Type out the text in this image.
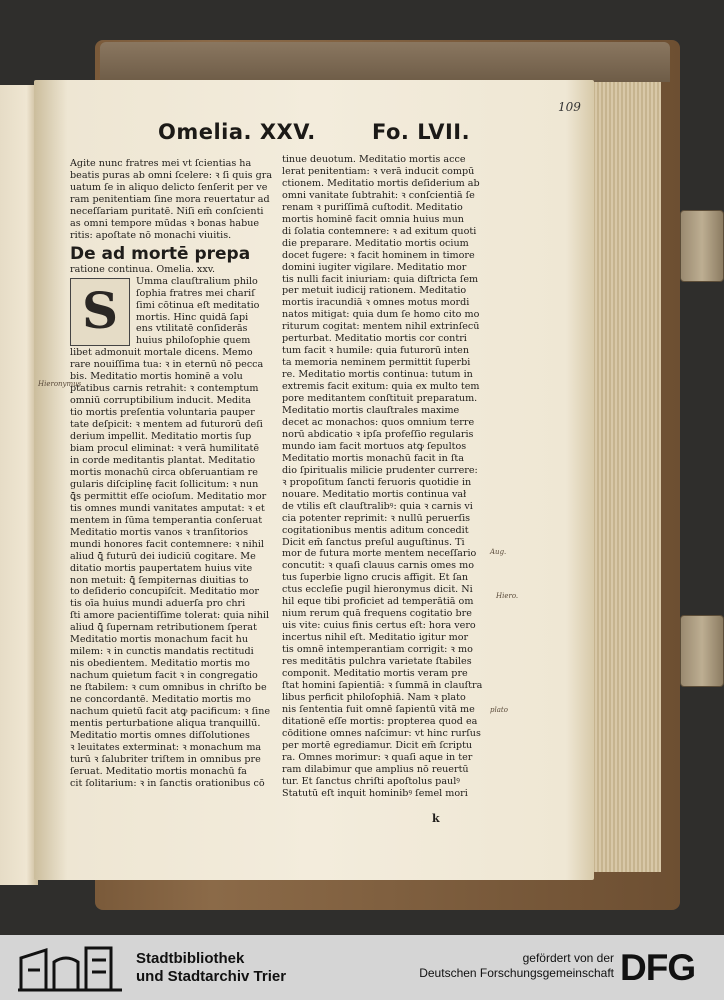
109
Omelia. XXV.	Fo. LVII.
Agite nunc fratres mei vt ſcientias ha
beatis puras ab omni ſcelere: ꝛ ſi quis gra
uatum ſe in aliquo delicto ſenſerit per ve
ram penitentiam ſine mora reuertatur ad
neceſſariam puritatē. Niſi em̄ conſcienti
as omni tempore mūdas ꝛ bonas habue
ritis: apoſtate nō monachi viuitis.
De ad mortē prepa
ratione continua. Omelia. xxv.
S	Umma clauſtralium philo
ſophia fratres mei chariſ
ſimi cōtinua eſt meditatio
mortis. Hinc quidā ſapi
ens vtilitatē conſiderās
huius philoſophie quem
libet admonuit mortale dicens. Memo
rare nouiſſima tua: ꝛ in eternū nō pecca
bis. Meditatio mortis hominē a volu
ptatibus carnis retrahit: ꝛ contemptum
omniū corruptibilium inducit. Medita
tio mortis preſentia voluntaria pauper
tate deſpicit: ꝛ mentem ad futurorū deſi
derium impellit. Meditatio mortis ſup
biam procul eliminat: ꝛ verā humilitatē
in corde meditantis plantat. Meditatio
mortis monachū circa obſeruantiam re
gularis diſciplinę facit ſollicitum: ꝛ nun
ꝗ̄s permittit eſſe ocioſum. Meditatio mor
tis omnes mundi vanitates amputat: ꝛ et
mentem in ſūma temperantia conſeruat
Meditatio mortis vanos ꝛ tranſitorios
mundi honores facit contemnere: ꝛ nihil
aliud ꝗ̄ futurū dei iudiciū cogitare. Me
ditatio mortis paupertatem huius vite
non metuit: ꝗ̄ ſempiternas diuitias to
to deſiderio concupiſcit. Meditatio mor
tis oīa huius mundi aduerſa pro chri
ſti amore pacientiſſime tolerat: quia nihil
aliud ꝗ̄ ſupernam retributionem ſperat
Meditatio mortis monachum facit hu
milem: ꝛ in cunctis mandatis rectitudi
nis obedientem. Meditatio mortis mo
nachum quietum facit ꝛ in congregatio
ne ſtabilem: ꝛ cum omnibus in chriſto be
ne concordantē. Meditatio mortis mo
nachum quietū facit atꝙ pacificum: ꝛ ſine
mentis perturbatione aliqua tranquillū.
Meditatio mortis omnes diſſolutiones
ꝛ leuitates exterminat: ꝛ monachum ma
turū ꝛ ſalubriter triſtem in omnibus pre
ſeruat. Meditatio mortis monachū fa
cit ſolitarium: ꝛ in ſanctis orationibus cō
tinue deuotum. Meditatio mortis acce
lerat penitentiam: ꝛ verā inducit compū
ctionem. Meditatio mortis deſiderium ab
omni vanitate ſubtrahit: ꝛ conſcientiā ſe
renam ꝛ puriſſimā cuſtodit. Meditatio
mortis hominē facit omnia huius mun
di ſolatia contemnere: ꝛ ad exitum quoti
die preparare. Meditatio mortis ocium
docet fugere: ꝛ facit hominem in timore
domini iugiter vigilare. Meditatio mor
tis nulli facit iniuriam: quia diſtricta ſem
per metuit iudicij rationem. Meditatio
mortis iracundiā ꝛ omnes motus mordi
natos mitigat: quia dum ſe homo cito mo
riturum cogitat: mentem nihil extrinſecū
perturbat. Meditatio mortis cor contri
tum facit ꝛ humile: quia futurorū inten
ta memoria neminem permittit ſuperbi
re. Meditatio mortis continua: tutum in
extremis facit exitum: quia ex multo tem
pore meditantem conſtituit preparatum.
Meditatio mortis clauſtrales maxime
decet ac monachos: quos omnium terre
norū abdicatio ꝛ ipſa profeſſio regularis
mundo iam facit mortuos atꝙ ſepultos
Meditatio mortis monachū facit in ſta
dio ſpiritualis milicie prudenter currere:
ꝛ propoſitum ſancti feruoris quotidie in
nouare. Meditatio mortis continua vał
de vtilis eſt clauſtralibꝰ: quia ꝛ carnis vi
cia potenter reprimit: ꝛ nullū peruerſis
cogitationibus mentis aditum concedit
Dicit em̄ ſanctus preſul auguſtinus. Ti
mor de futura morte mentem neceſſario
concutit: ꝛ quaſi clauus carnis omes mo
tus ſuperbie ligno crucis affigit. Et ſan
ctus eccleſie pugil hieronymus dicit. Ni
hil eque tibi proficiet ad temperātiā om
nium rerum quā frequens cogitatio bre
uis vite: cuius finis certus eſt: hora vero
incertus nihil eſt. Meditatio igitur mor
tis omnē intemperantiam corrigit: ꝛ mo
res meditātis pulchra varietate ſtabiles
componit. Meditatio mortis veram pre
ſtat homini ſapientiā: ꝛ ſummā in clauſtra
libus perficit philoſophiā. Nam ꝛ plato
nis ſententia fuit omnē ſapientū vitā me
ditationē eſſe mortis: propterea quod ea
cōditione omnes naſcimur: vt hinc rurſus
per mortē egrediamur. Dicit em̄ ſcriptu
ra. Omnes morimur: ꝛ quaſi aque in ter
ram dilabimur que amplius nō reuertū
tur. Et ſanctus chriſti apoſtolus paulꝰ
Statutū eſt inquit hominibꝰ ſemel mori
k
Hieronymus
Aug.
Hiero.
plato
Stadtbibliothek
und Stadtarchiv Trier
gefördert von der
Deutschen Forschungsgemeinschaft DFG
